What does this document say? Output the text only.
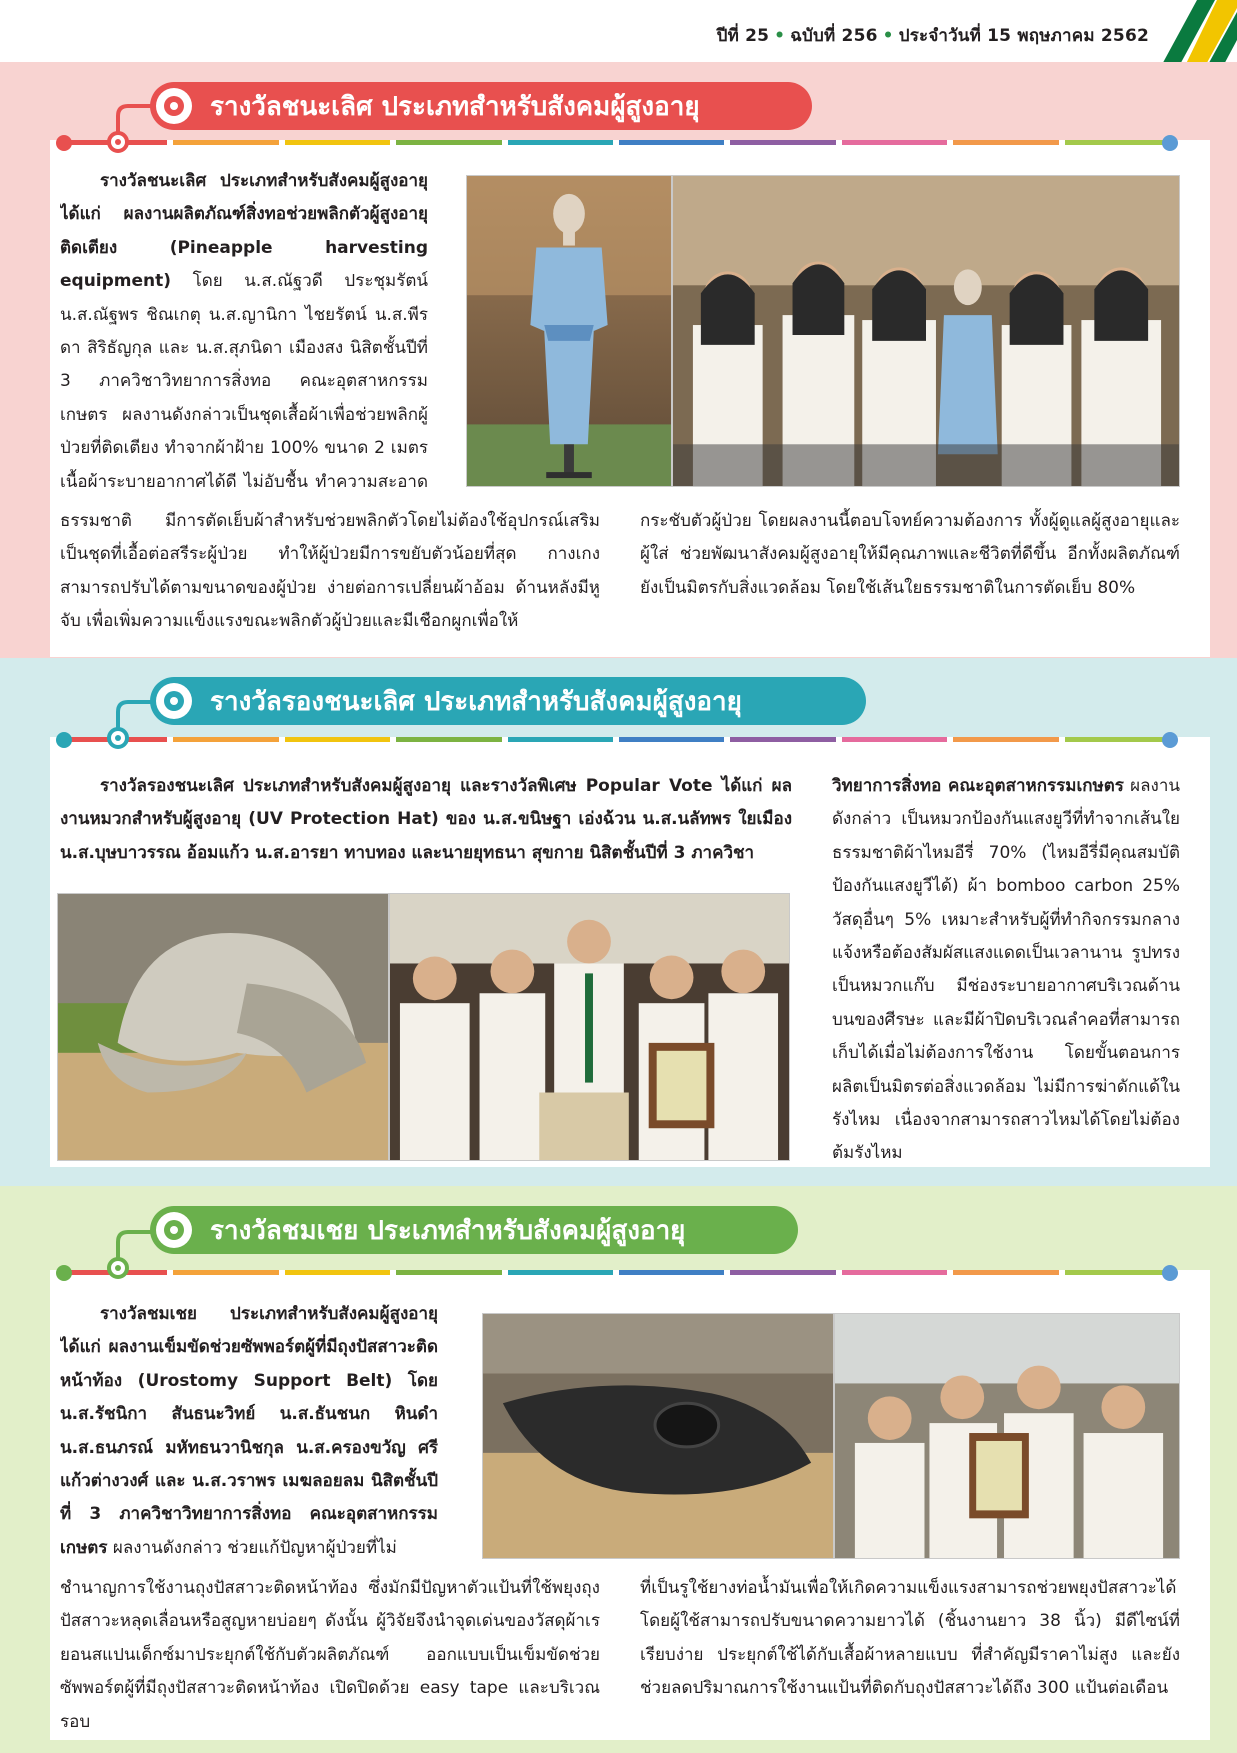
ปีที่ 25 • ฉบับที่ 256 • ประจำวันที่ 15 พฤษภาคม 2562
รางวัลชนะเลิศ ประเภทสำหรับสังคมผู้สูงอายุ

รางวัลชนะเลิศ ประเภทสำหรับสังคมผู้สูงอายุ ได้แก่ ผลงานผลิตภัณฑ์สิ่งทอช่วยพลิกตัวผู้สูงอายุติดเตียง (Pineapple harvesting equipment) โดย น.ส.ณัฐวดี ประชุมรัตน์ น.ส.ณัฐพร ชิณเกตุ น.ส.ญานิกา ไชยรัตน์ น.ส.พีรดา สิริธัญกุล และ น.ส.สุภนิดา เมืองสง นิสิตชั้นปีที่ 3 ภาควิชาวิทยาการสิ่งทอ คณะอุตสาหกรรมเกษตร ผลงานดังกล่าวเป็นชุดเสื้อผ้าเพื่อช่วยพลิกผู้ป่วยที่ติดเตียง ทำจากผ้าฝ้าย 100% ขนาด 2 เมตร เนื้อผ้าระบายอากาศได้ดี ไม่อับชื้น ทำความสะอาด

ธรรมชาติ มีการตัดเย็บผ้าสำหรับช่วยพลิกตัวโดยไม่ต้องใช้อุปกรณ์เสริม เป็นชุดที่เอื้อต่อสรีระผู้ป่วย ทำให้ผู้ป่วยมีการขยับตัวน้อยที่สุด กางเกงสามารถปรับได้ตามขนาดของผู้ป่วย ง่ายต่อการเปลี่ยนผ้าอ้อม ด้านหลังมีหูจับ เพื่อเพิ่มความแข็งแรงขณะพลิกตัวผู้ป่วยและมีเชือกผูกเพื่อให้

กระชับตัวผู้ป่วย โดยผลงานนี้ตอบโจทย์ความต้องการ ทั้งผู้ดูแลผู้สูงอายุและผู้ใส่ ช่วยพัฒนาสังคมผู้สูงอายุให้มีคุณภาพและชีวิตที่ดีขึ้น อีกทั้งผลิตภัณฑ์ยังเป็นมิตรกับสิ่งแวดล้อม โดยใช้เส้นใยธรรมชาติในการตัดเย็บ 80%

รางวัลรองชนะเลิศ ประเภทสำหรับสังคมผู้สูงอายุ

รางวัลรองชนะเลิศ ประเภทสำหรับสังคมผู้สูงอายุ และรางวัลพิเศษ Popular Vote ได้แก่ ผลงานหมวกสำหรับผู้สูงอายุ (UV Protection Hat) ของ น.ส.ขนิษฐา เอ่งฉ้วน น.ส.นลัทพร ใยเมือง น.ส.บุษบาวรรณ อ้อมแก้ว น.ส.อารยา ทาบทอง และนายยุทธนา สุขกาย นิสิตชั้นปีที่ 3 ภาควิชา

วิทยาการสิ่งทอ คณะอุตสาหกรรมเกษตร ผลงานดังกล่าว เป็นหมวกป้องกันแสงยูวีที่ทำจากเส้นใยธรรมชาติผ้าไหมอีรี่ 70% (ไหมอีรี่มีคุณสมบัติป้องกันแสงยูวีได้) ผ้า bomboo carbon 25% วัสดุอื่นๆ 5% เหมาะสำหรับผู้ที่ทำกิจกรรมกลางแจ้งหรือต้องสัมผัสแสงแดดเป็นเวลานาน รูปทรงเป็นหมวกแก๊บ มีช่องระบายอากาศบริเวณด้านบนของศีรษะ และมีผ้าปิดบริเวณลำคอที่สามารถเก็บได้เมื่อไม่ต้องการใช้งาน โดยขั้นตอนการผลิตเป็นมิตรต่อสิ่งแวดล้อม ไม่มีการฆ่าดักแด้ในรังไหม เนื่องจากสามารถสาวไหมได้โดยไม่ต้องต้มรังไหม

รางวัลชมเชย ประเภทสำหรับสังคมผู้สูงอายุ

รางวัลชมเชย ประเภทสำหรับสังคมผู้สูงอายุ ได้แก่ ผลงานเข็มขัดช่วยซัพพอร์ตผู้ที่มีถุงปัสสาวะติดหน้าท้อง (Urostomy Support Belt) โดย น.ส.รัชนิกา สันธนะวิทย์ น.ส.ธันชนก หินดำ น.ส.ธนภรณ์ มหัทธนวานิชกุล น.ส.ครองขวัญ ศรีแก้วต่างวงศ์ และ น.ส.วราพร เมฆลอยลม นิสิตชั้นปีที่ 3 ภาควิชาวิทยาการสิ่งทอ คณะอุตสาหกรรมเกษตร ผลงานดังกล่าว ช่วยแก้ปัญหาผู้ป่วยที่ไม่

ชำนาญการใช้งานถุงปัสสาวะติดหน้าท้อง ซึ่งมักมีปัญหาตัวแป้นที่ใช้พยุงถุงปัสสาวะหลุดเลื่อนหรือสูญหายบ่อยๆ ดังนั้น ผู้วิจัยจึงนำจุดเด่นของวัสดุผ้าเรยอนสแปนเด็กซ์มาประยุกต์ใช้กับตัวผลิตภัณฑ์ ออกแบบเป็นเข็มขัดช่วยซัพพอร์ตผู้ที่มีถุงปัสสาวะติดหน้าท้อง เปิดปิดด้วย easy tape และบริเวณรอบ

ที่เป็นรูใช้ยางท่อน้ำมันเพื่อให้เกิดความแข็งแรงสามารถช่วยพยุงปัสสาวะได้ โดยผู้ใช้สามารถปรับขนาดความยาวได้ (ชิ้นงานยาว 38 นิ้ว) มีดีไซน์ที่เรียบง่าย ประยุกต์ใช้ได้กับเสื้อผ้าหลายแบบ ที่สำคัญมีราคาไม่สูง และยังช่วยลดปริมาณการใช้งานแป้นที่ติดกับถุงปัสสาวะได้ถึง 300 แป้นต่อเดือน
